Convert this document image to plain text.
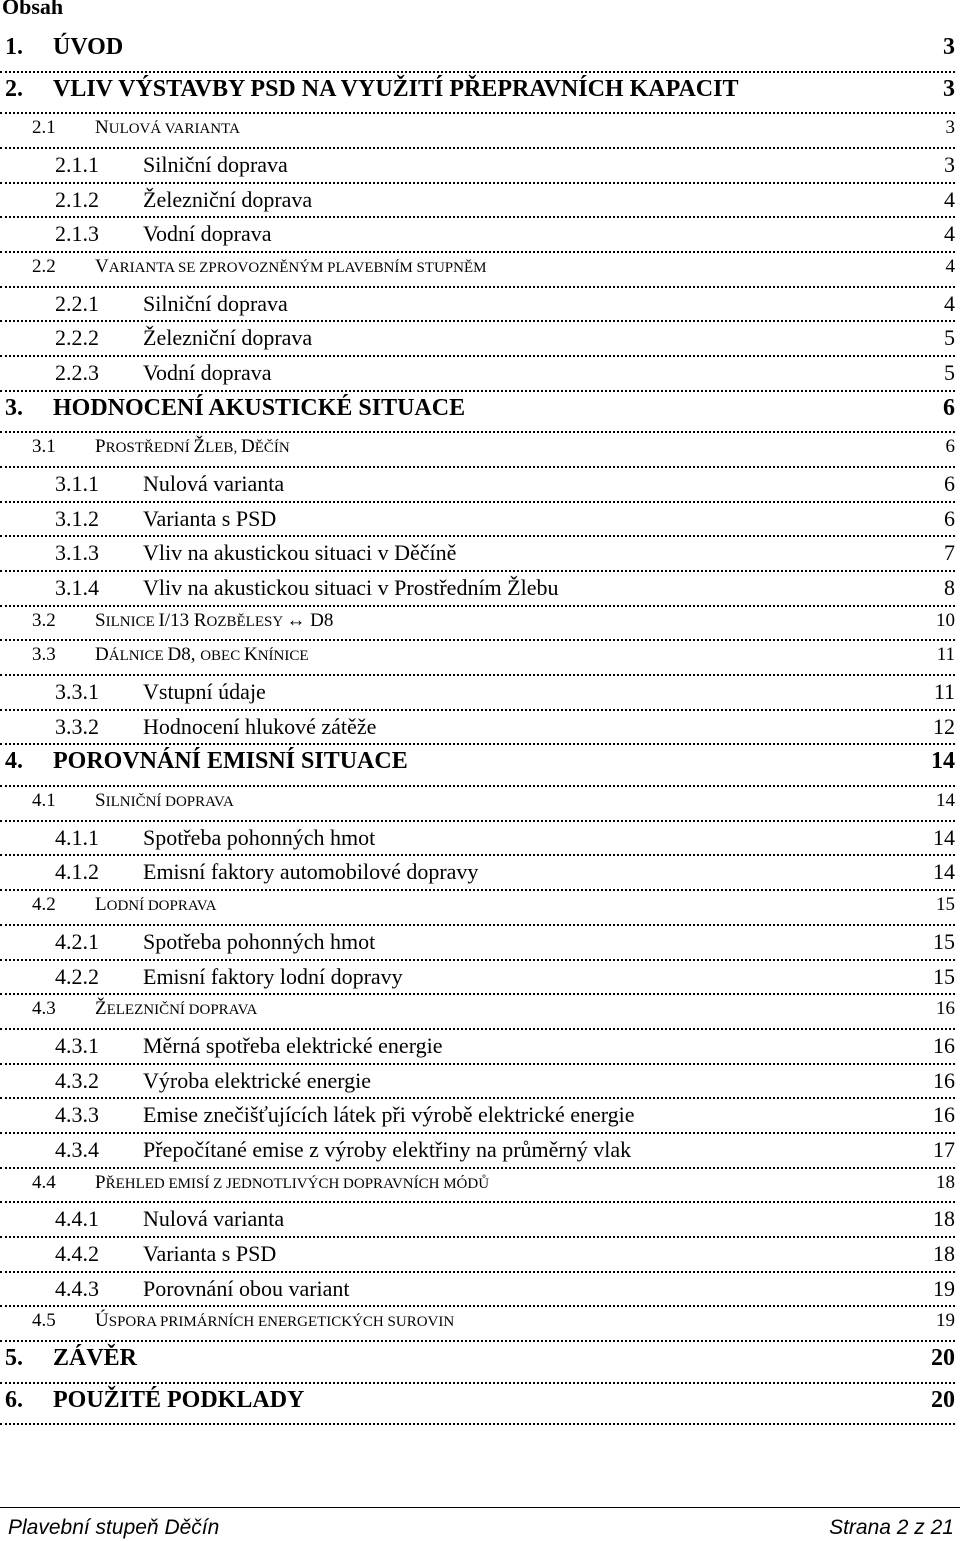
Obsah
1.	ÚVOD	3
2.	VLIV VÝSTAVBY PSD NA VYUŽITÍ PŘEPRAVNÍCH KAPACIT	3
2.1	NULOVÁ VARIANTA	3
2.1.1	Silniční doprava	3
2.1.2	Železniční doprava	4
2.1.3	Vodní doprava	4
2.2	VARIANTA SE ZPROVOZNĚNÝM PLAVEBNÍM STUPNĚM	4
2.2.1	Silniční doprava	4
2.2.2	Železniční doprava	5
2.2.3	Vodní doprava	5
3.	HODNOCENÍ AKUSTICKÉ SITUACE	6
3.1	PROSTŘEDNÍ ŽLEB, DĚČÍN	6
3.1.1	Nulová varianta	6
3.1.2	Varianta s PSD	6
3.1.3	Vliv na akustickou situaci v Děčíně	7
3.1.4	Vliv na akustickou situaci v Prostředním Žlebu	8
3.2	SILNICE I/13 ROZBĚLESY ↔ D8	10
3.3	DÁLNICE D8, OBEC KNÍNICE	11
3.3.1	Vstupní údaje	11
3.3.2	Hodnocení hlukové zátěže	12
4.	POROVNÁNÍ EMISNÍ SITUACE	14
4.1	SILNIČNÍ DOPRAVA	14
4.1.1	Spotřeba pohonných hmot	14
4.1.2	Emisní faktory automobilové dopravy	14
4.2	LODNÍ DOPRAVA	15
4.2.1	Spotřeba pohonných hmot	15
4.2.2	Emisní faktory lodní dopravy	15
4.3	ŽELEZNIČNÍ DOPRAVA	16
4.3.1	Měrná spotřeba elektrické energie	16
4.3.2	Výroba elektrické energie	16
4.3.3	Emise znečišťujících látek při výrobě elektrické energie	16
4.3.4	Přepočítané emise z výroby elektřiny na průměrný vlak	17
4.4	PŘEHLED EMISÍ Z JEDNOTLIVÝCH DOPRAVNÍCH MÓDŮ	18
4.4.1	Nulová varianta	18
4.4.2	Varianta s PSD	18
4.4.3	Porovnání obou variant	19
4.5	ÚSPORA PRIMÁRNÍCH ENERGETICKÝCH SUROVIN	19
5.	ZÁVĚR	20
6.	POUŽITÉ PODKLADY	20
Plavební stupeň Děčín	Strana 2 z 21
